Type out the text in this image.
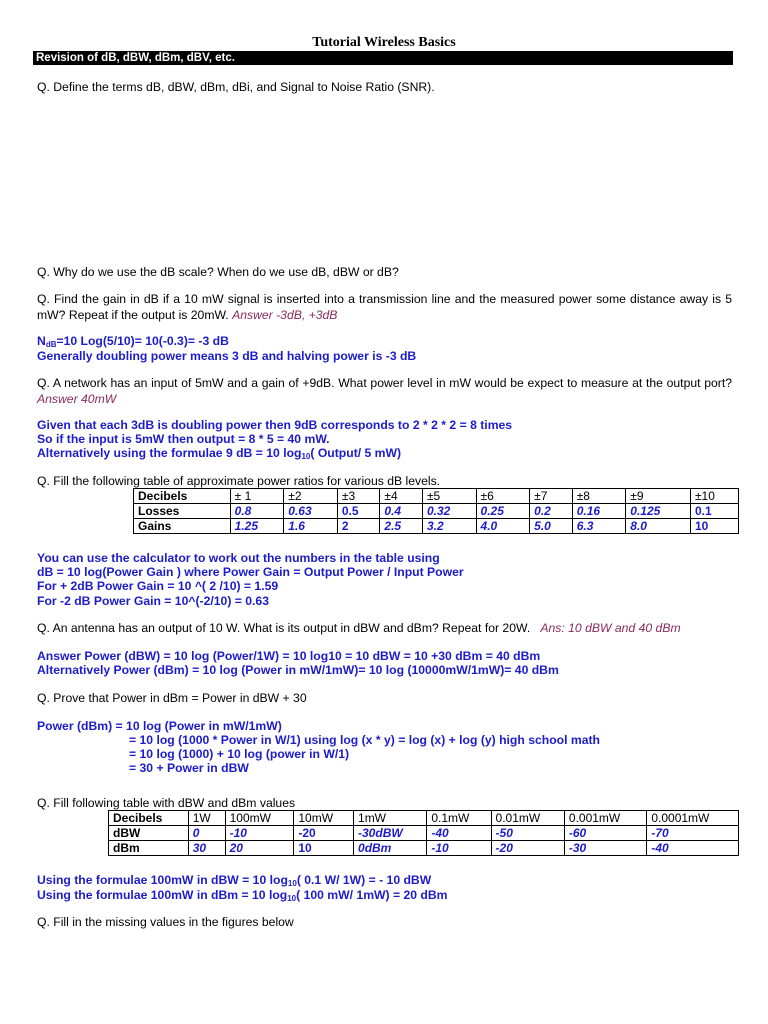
Tutorial Wireless Basics
Revision of dB, dBW, dBm, dBV, etc.
Q. Define the terms dB, dBW, dBm, dBi, and Signal to Noise Ratio (SNR).
Q. Why do we use the dB scale? When do we use dB, dBW or dB?
Q. Find the gain in dB if a 10 mW signal is inserted into a transmission line and the measured power some distance away is 5 mW? Repeat if the output is 20mW. Answer -3dB, +3dB
$N_{dB}=10$ Log(5/10)= 10(-0.3)= -3 dB
Generally doubling power means 3 dB and halving power is -3 dB
Q. A network has an input of 5mW and a gain of +9dB. What power level in mW would be expect to measure at the output port? Answer 40mW
Given that each 3dB is doubling power then 9dB corresponds to 2 * 2 * 2 = 8 times
So if the input is 5mW then output = 8 * 5 = 40 mW.
Alternatively using the formulae 9 dB = 10 $\log_{10}$( Output/ 5 mW)
Q. Fill the following table of approximate power ratios for various dB levels.
Decibels	± 1	±2	±3	±4	±5	±6	±7	±8	±9	±10
Losses	0.8	0.63	0.5	0.4	0.32	0.25	0.2	0.16	0.125	0.1
Gains	1.25	1.6	2	2.5	3.2	4.0	5.0	6.3	8.0	10
You can use the calculator to work out the numbers in the table using
dB = 10 log(Power Gain ) where Power Gain = Output Power / Input Power
For + 2dB Power Gain = 10 ^( 2 /10) = 1.59
For -2 dB Power Gain = 10^(-2/10) = 0.63
Q. An antenna has an output of 10 W. What is its output in dBW and dBm? Repeat for 20W. Ans: 10 dBW and 40 dBm
Answer Power (dBW) = 10 log (Power/1W) = 10 log10 = 10 dBW = 10 +30 dBm = 40 dBm
Alternatively Power (dBm) = 10 log (Power in mW/1mW)= 10 log (10000mW/1mW)= 40 dBm
Q. Prove that Power in dBm = Power in dBW + 30
Power (dBm) = 10 log (Power in mW/1mW)
= 10 log (1000 * Power in W/1) using log (x * y) = log (x) + log (y) high school math
= 10 log (1000) + 10 log (power in W/1)
= 30 + Power in dBW
Q. Fill following table with dBW and dBm values
Decibels	1W	100mW	10mW	1mW	0.1mW	0.01mW	0.001mW	0.0001mW
dBW	0	-10	-20	-30dBW	-40	-50	-60	-70
dBm	30	20	10	0dBm	-10	-20	-30	-40
Using the formulae 100mW in dBW = 10 $\log_{10}$( 0.1 W/ 1W) = - 10 dBW
Using the formulae 100mW in dBm = 10 $\log_{10}$( 100 mW/ 1mW) = 20 dBm
Q. Fill in the missing values in the figures below
